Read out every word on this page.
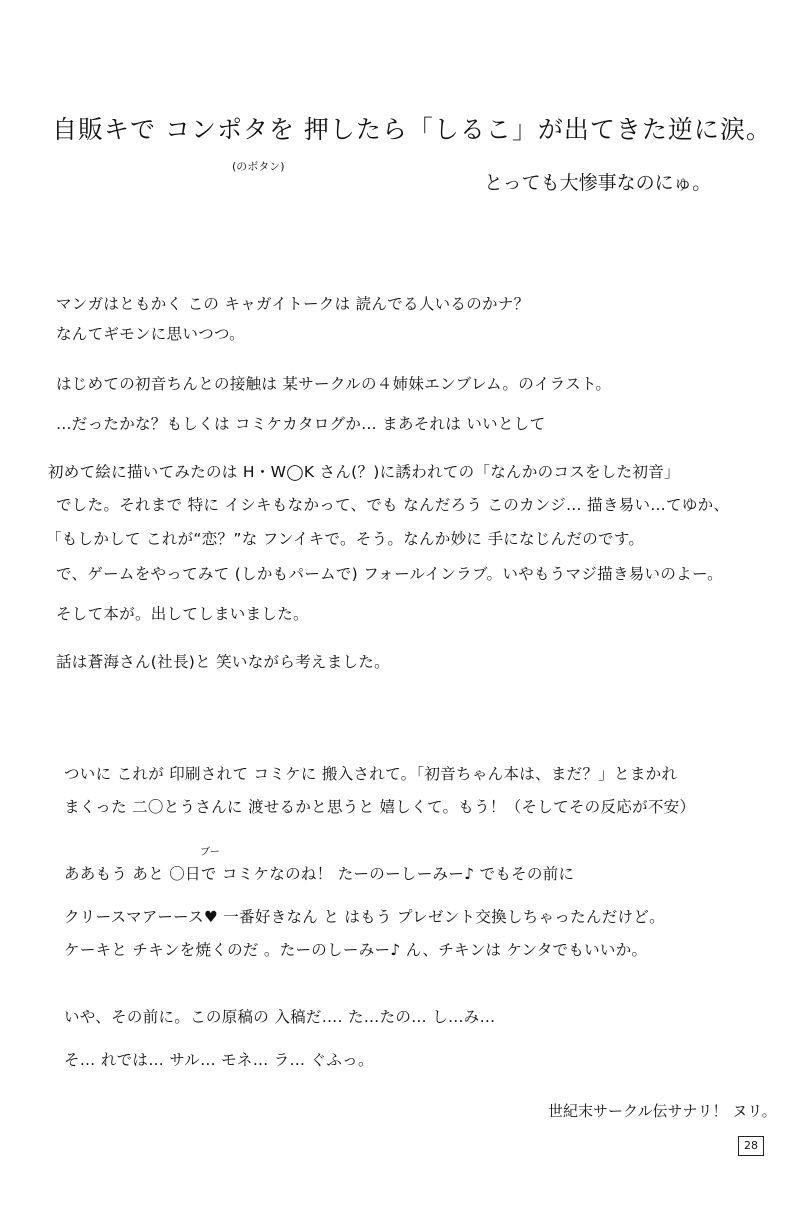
自販キで コンポタを 押したら「しるこ」が出てきた逆に涙。
(のボタン)
とっても大惨事なのにゅ。
マンガはともかく この キャガイトークは 読んでる人いるのかナ？
なんてギモンに思いつつ。
はじめての初音ちんとの接触は 某サークルの４姉妹エンブレム。のイラスト。
…だったかな？もしくは コミケカタログか… まあそれは いいとして
初めて絵に描いてみたのは H・W◯K さん(？)に誘われての「なんかのコスをした初音」
でした。それまで 特に イシキもなかって、でも なんだろう このカンジ… 描き易い…てゆか、
「もしかして これが“恋？”な フンイキで。そう。なんか妙に 手になじんだのです。
で、ゲームをやってみて (しかもパームで) フォールインラブ。いやもうマジ描き易いのよー。
そして本が。出してしまいました。
話は蒼海さん(社長)と 笑いながら考えました。
ついに これが 印刷されて コミケに 搬入されて。「初音ちゃん本は、まだ？」とまかれ
まくった 二〇とうさんに 渡せるかと思うと 嬉しくて。もう！（そしてその反応が不安）
ブー
ああもう あと 〇日で コミケなのね！ たーのーしーみー♪ でもその前に
クリースマアーース♥ 一番好きなん と はもう プレゼント交換しちゃったんだけど。
ケーキと チキンを焼くのだ 。たーのしーみー♪ ん、チキンは ケンタでもいいか。
いや、その前に。この原稿の 入稿だ…. た…たの… し…み…
そ… れでは… サル… モネ… ラ… ぐふっ。
世紀末サークル伝サナリ！ ヌリ。
28
